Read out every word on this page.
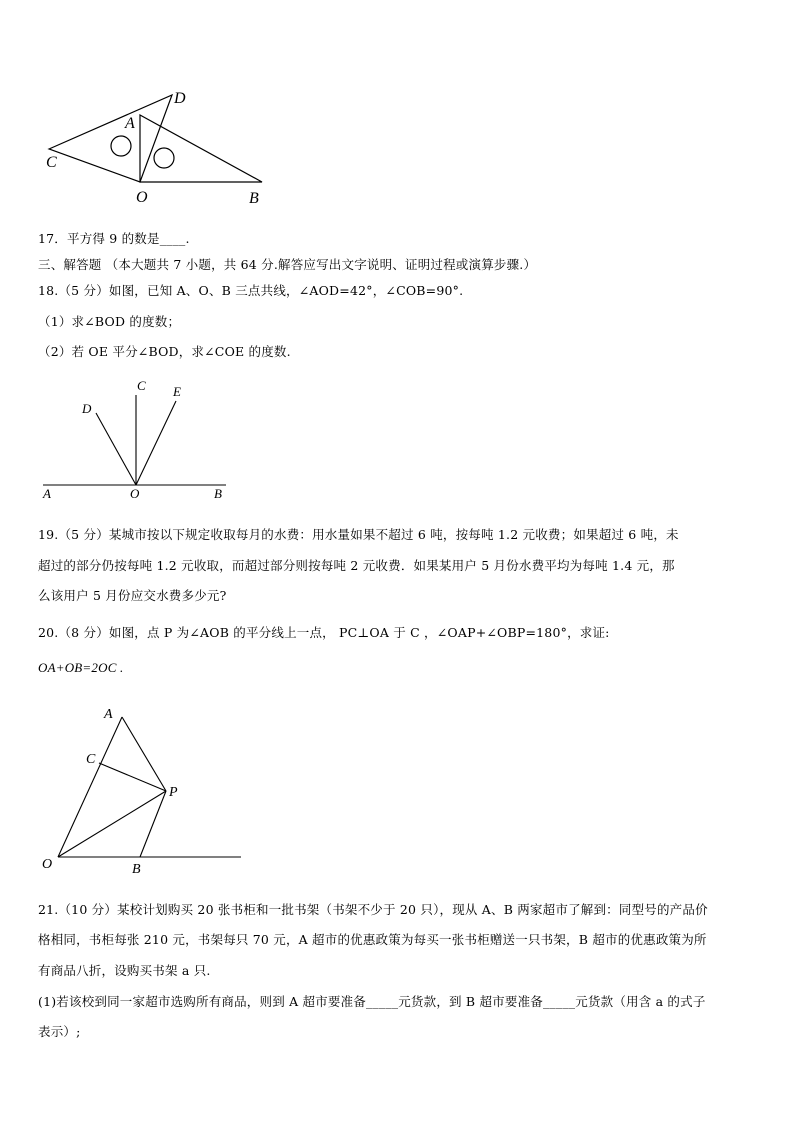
D
A
C
O	B
17．平方得 9 的数是____.
三、解答题 （本大题共 7 小题，共 64 分.解答应写出文字说明、证明过程或演算步骤.）
18.（5 分）如图，已知 A、O、B 三点共线，∠AOD=42°，∠COB=90°.
（1）求∠BOD 的度数；
（2）若 OE 平分∠BOD，求∠COE 的度数.
C
D
E
A	O	B
19.（5 分）某城市按以下规定收取每月的水费：用水量如果不超过 6 吨，按每吨 1.2 元收费；如果超过 6 吨，未
超过的部分仍按每吨 1.2 元收取，而超过部分则按每吨 2 元收费．如果某用户 5 月份水费平均为每吨 1.4 元，那
么该用户 5 月份应交水费多少元?
20.（8 分）如图，点 P 为∠AOB 的平分线上一点， PC⊥OA 于 C ，∠OAP+∠OBP=180°，求证:
OA+OB=2OC .
A
C
P
O	B
21.（10 分）某校计划购买 20 张书柜和一批书架（书架不少于 20 只），现从 A、B 两家超市了解到：同型号的产品价
格相同，书柜每张 210 元，书架每只 70 元，A 超市的优惠政策为每买一张书柜赠送一只书架，B 超市的优惠政策为所
有商品八折，设购买书架 a 只.
(1)若该校到同一家超市选购所有商品，则到 A 超市要准备_____元货款，到 B 超市要准备_____元货款（用含 a 的式子
表示）;
